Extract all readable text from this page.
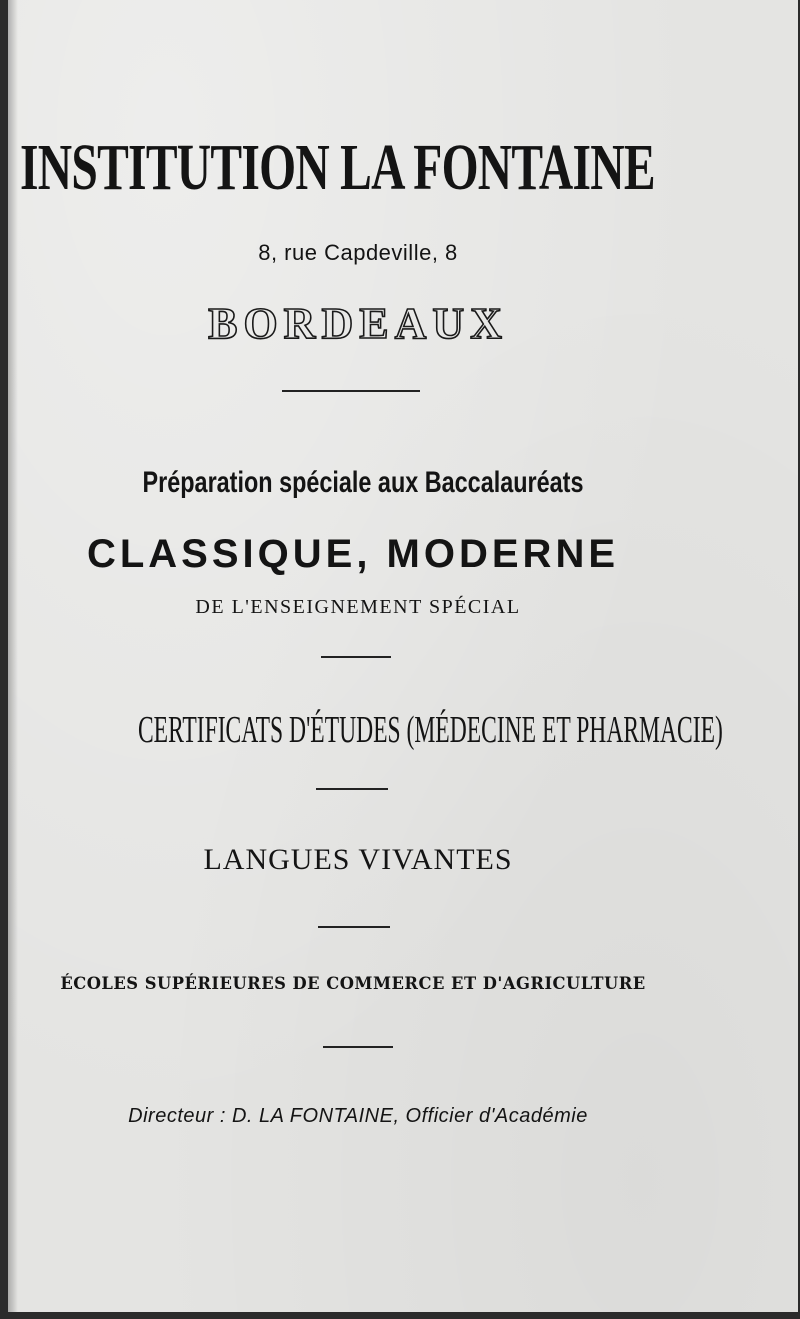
INSTITUTION LA FONTAINE
8, rue Capdeville, 8
BORDEAUX
Préparation spéciale aux Baccalauréats
CLASSIQUE, MODERNE
DE L'ENSEIGNEMENT SPÉCIAL
CERTIFICATS D'ÉTUDES (MÉDECINE ET PHARMACIE)
LANGUES VIVANTES
ÉCOLES SUPÉRIEURES DE COMMERCE ET D'AGRICULTURE
Directeur : D. LA FONTAINE, Officier d'Académie
